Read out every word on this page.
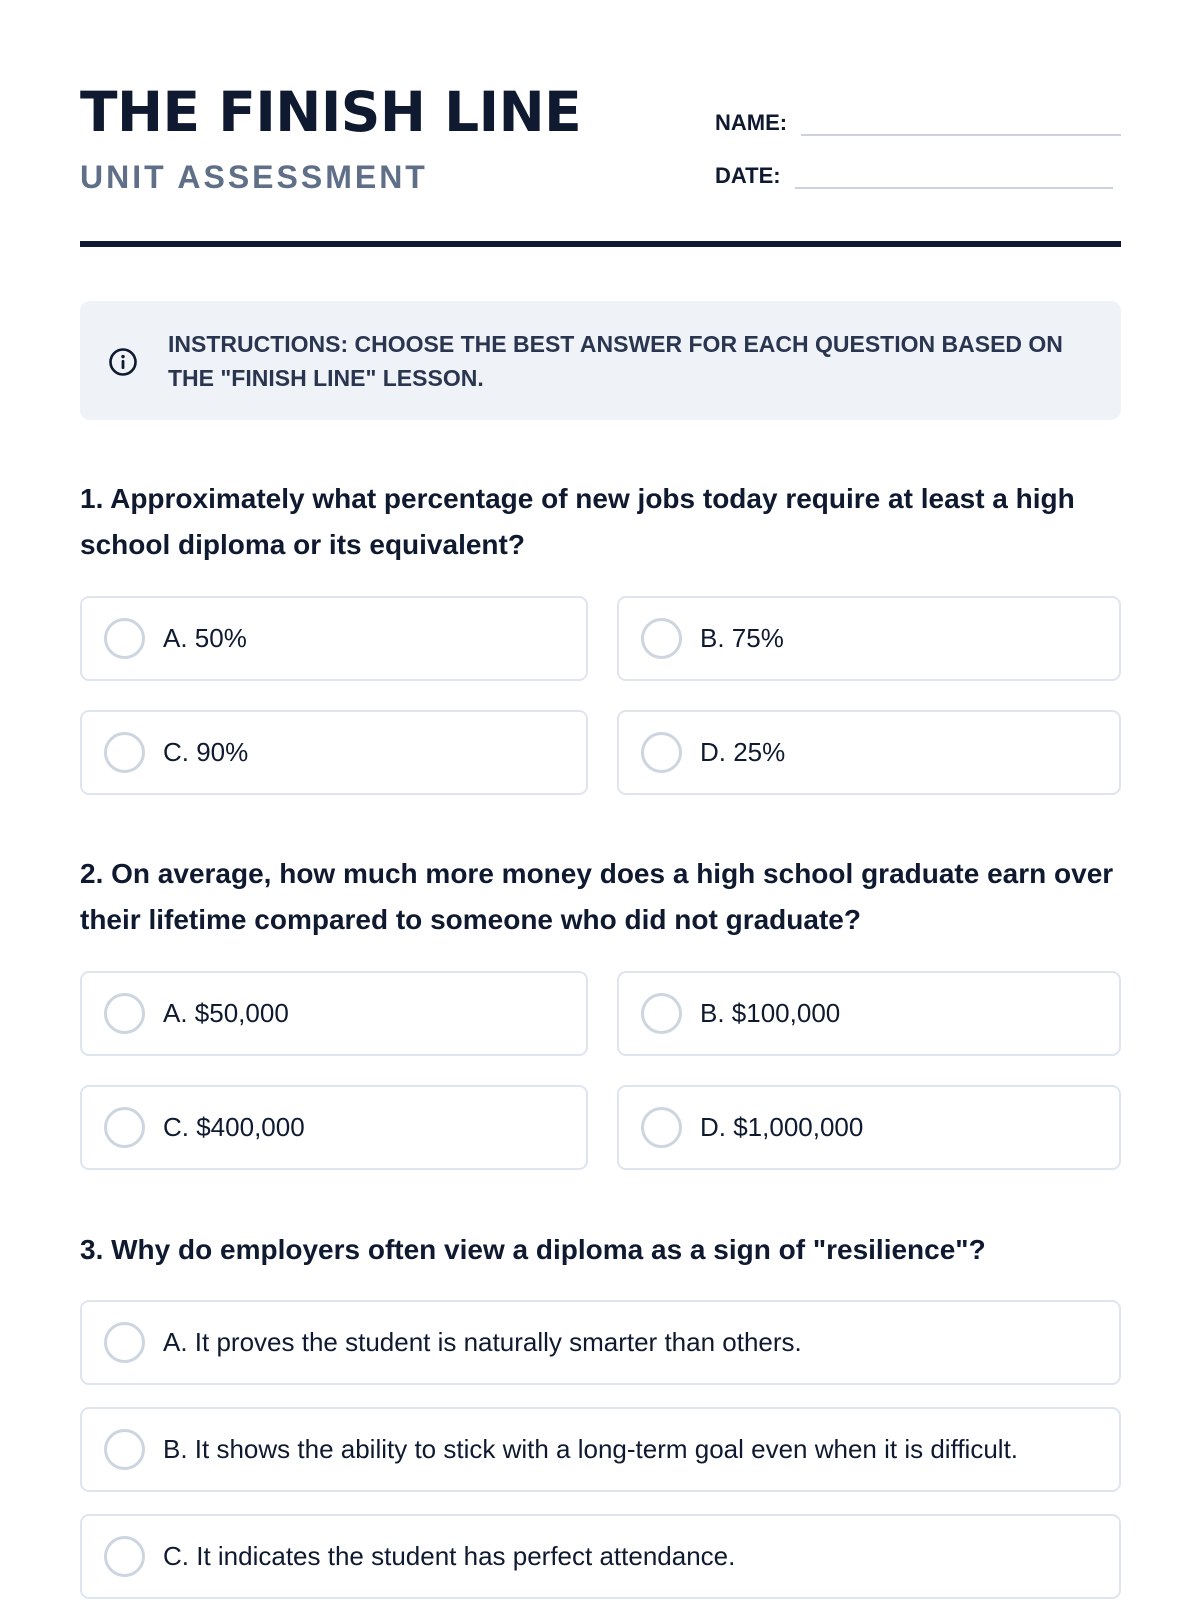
THE FINISH LINE
UNIT ASSESSMENT
NAME:
DATE:
INSTRUCTIONS: CHOOSE THE BEST ANSWER FOR EACH QUESTION BASED ON THE "FINISH LINE" LESSON.
1. Approximately what percentage of new jobs today require at least a high school diploma or its equivalent?
A. 50%	B. 75%
C. 90%	D. 25%
2. On average, how much more money does a high school graduate earn over their lifetime compared to someone who did not graduate?
A. $50,000	B. $100,000
C. $400,000	D. $1,000,000
3. Why do employers often view a diploma as a sign of "resilience"?
A. It proves the student is naturally smarter than others.
B. It shows the ability to stick with a long-term goal even when it is difficult.
C. It indicates the student has perfect attendance.
